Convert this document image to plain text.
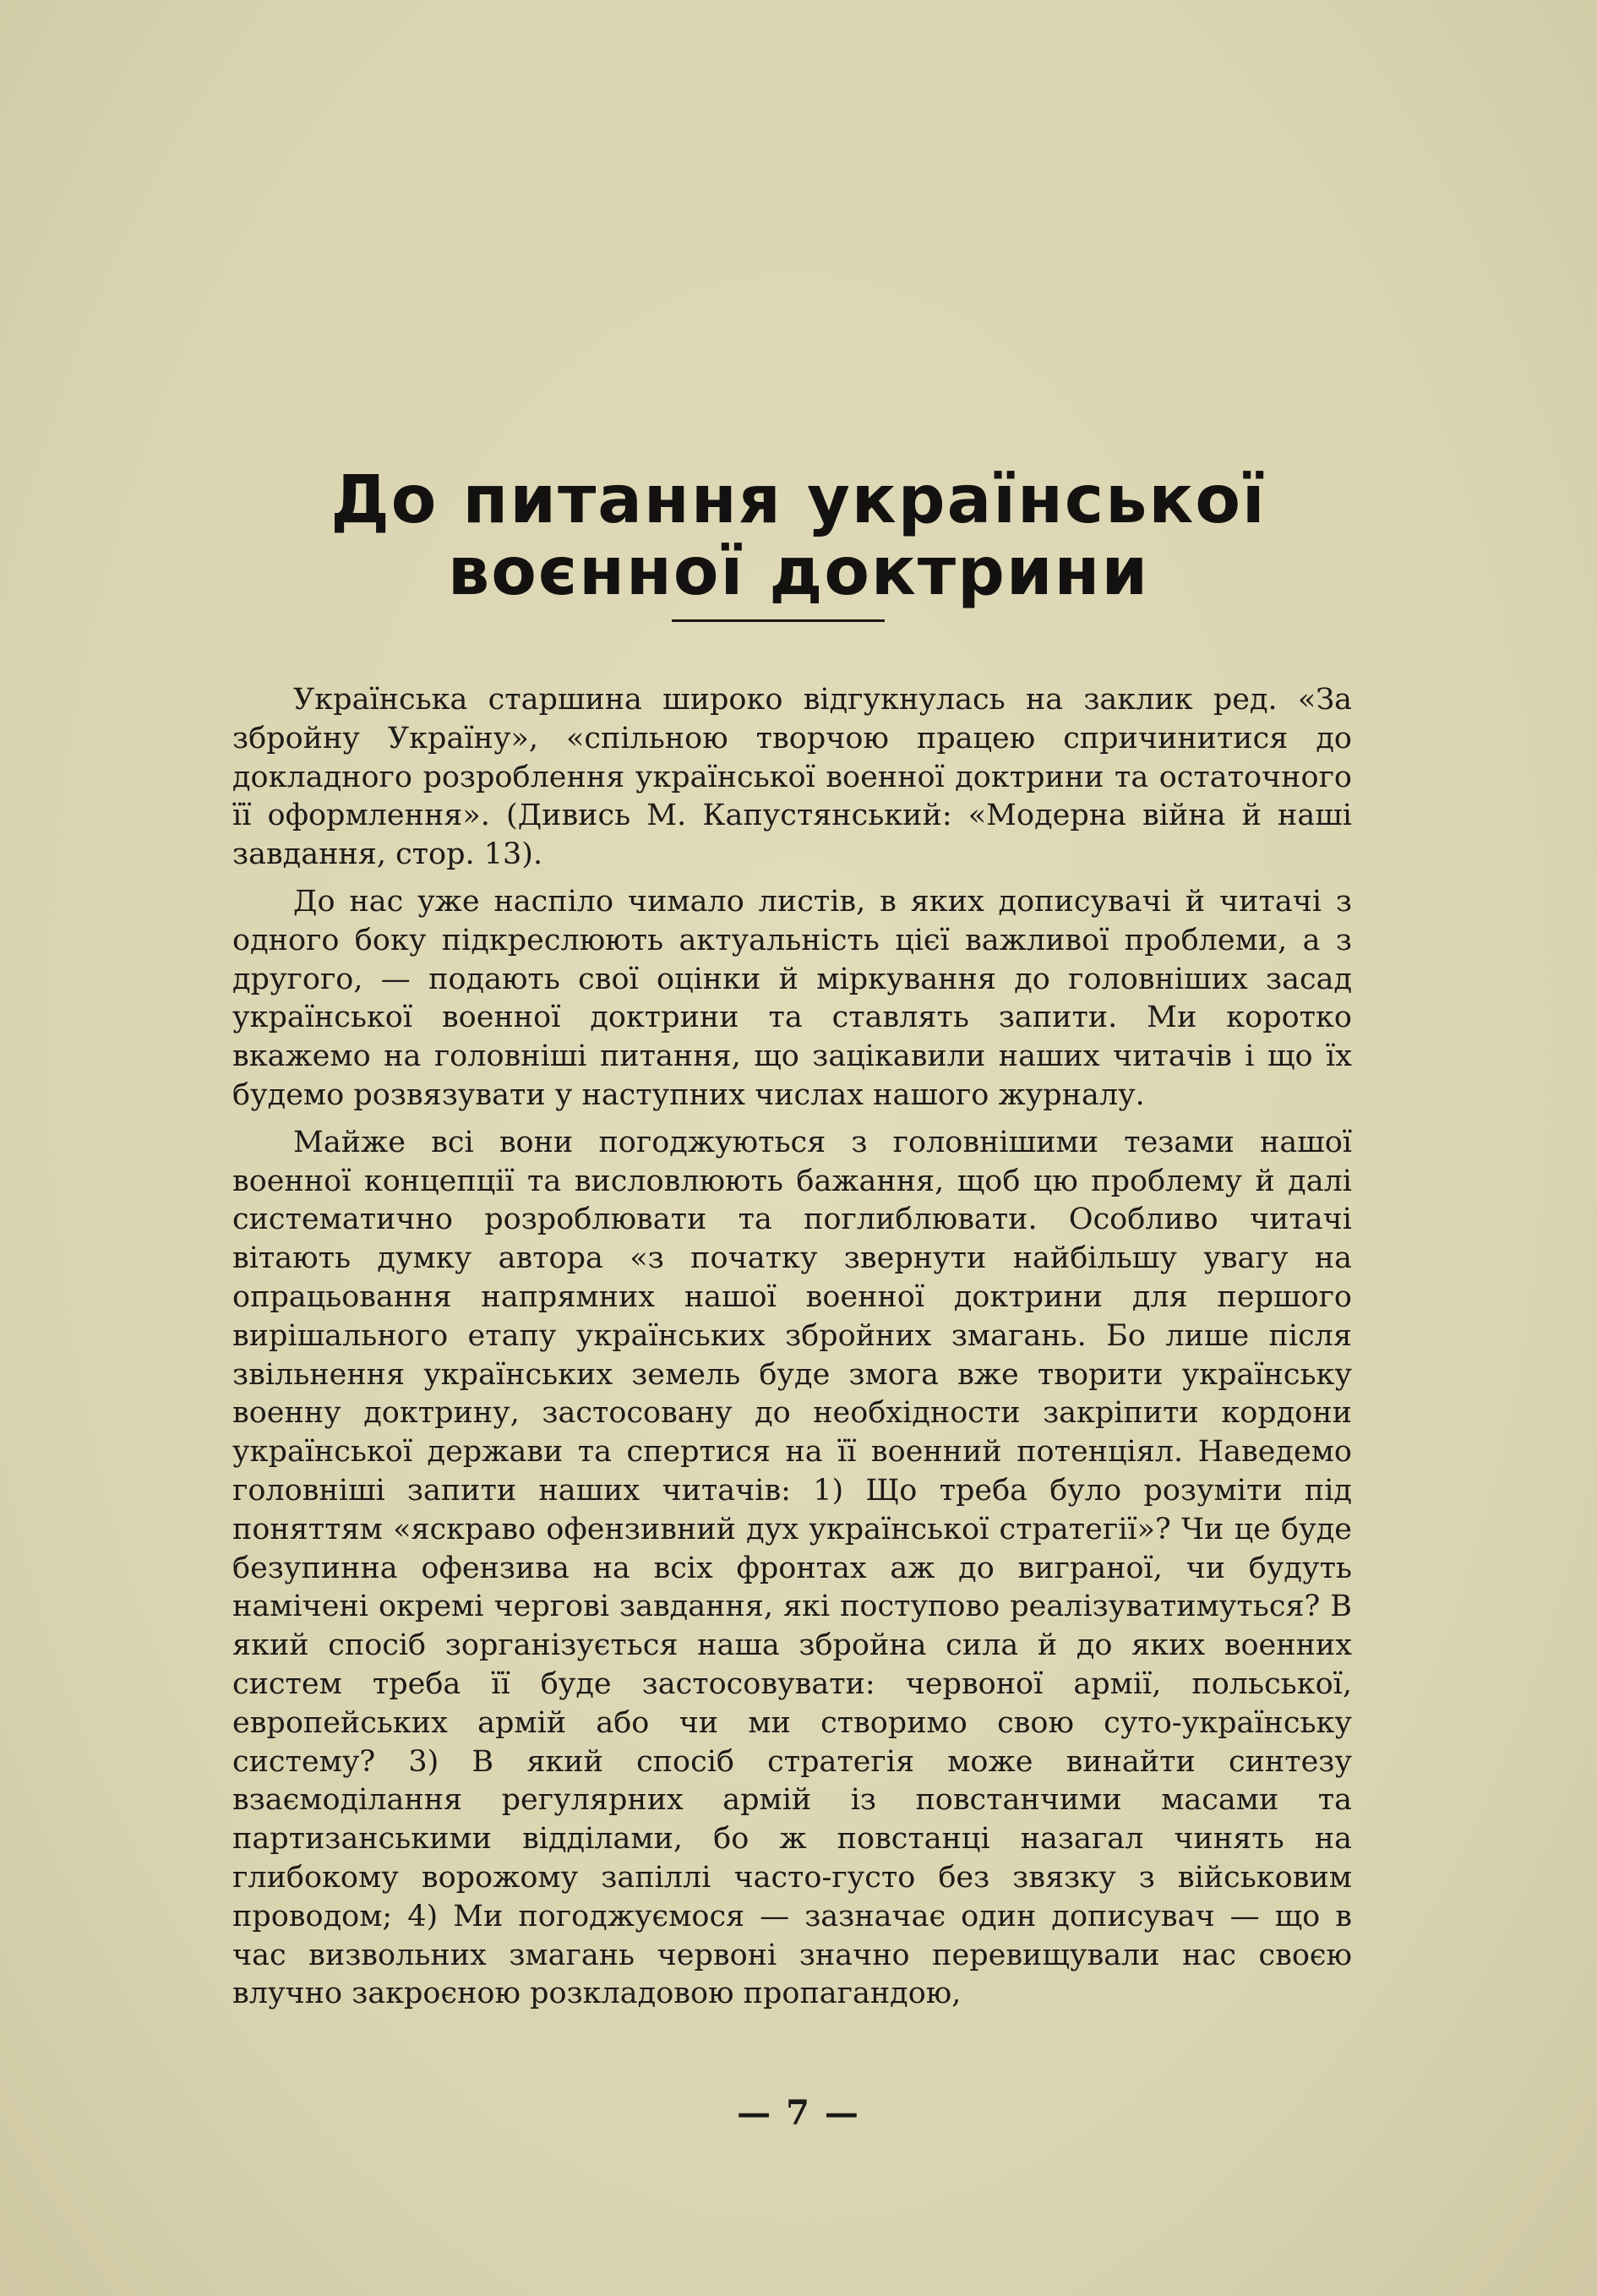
До питання української
воєнної доктрини

Українська старшина широко відгукнулась на заклик ред. «За збройну Україну», «спільною творчою працею спричинитися до докладного розроблення української военної доктрини та остаточного її оформлення». (Дивись М. Капустянський: «Модерна війна й наші завдання, стор. 13).

До нас уже наспіло чимало листів, в яких дописувачі й читачі з одного боку підкреслюють актуальність цієї важливої проблеми, а з другого, — подають свої оцінки й міркування до головніших засад української военної доктрини та ставлять запити. Ми коротко вкажемо на головніші питання, що зацікавили наших читачів і що їх будемо розвязувати у наступних числах нашого журналу.

Майже всі вони погоджуються з головнішими тезами нашої военної концепції та висловлюють бажання, щоб цю проблему й далі систематично розроблювати та поглиблювати. Особливо читачі вітають думку автора «з початку звернути найбільшу увагу на опрацьовання напрямних нашої военної доктрини для першого вирішального етапу українських збройних змагань. Бо лише після звільнення українських земель буде змога вже творити українську военну доктрину, застосовану до необхідности закріпити кордони української держави та спертися на її военний потенціял. Наведемо головніші запити наших читачів: 1) Що треба було розуміти під поняттям «яскраво офензивний дух української стратегії»? Чи це буде безупинна офензива на всіх фронтах аж до виграної, чи будуть намічені окремі чергові завдання, які поступово реалізуватимуться? В який спосіб зорганізується наша збройна сила й до яких военних систем треба її буде застосовувати: червоної армії, польської, европейських армій або чи ми створимо свою суто-українську систему? 3) В який спосіб стратегія може винайти синтезу взаємоділання регулярних армій із повстанчими масами та партизанськими відділами, бо ж повстанці назагал чинять на глибокому ворожому запіллі часто-густо без звязку з військовим проводом; 4) Ми погоджуємося — зазначає один дописувач — що в час визвольних змагань червоні значно перевищували нас своєю влучно закроєною розкладовою пропагандою,

— 7 —
